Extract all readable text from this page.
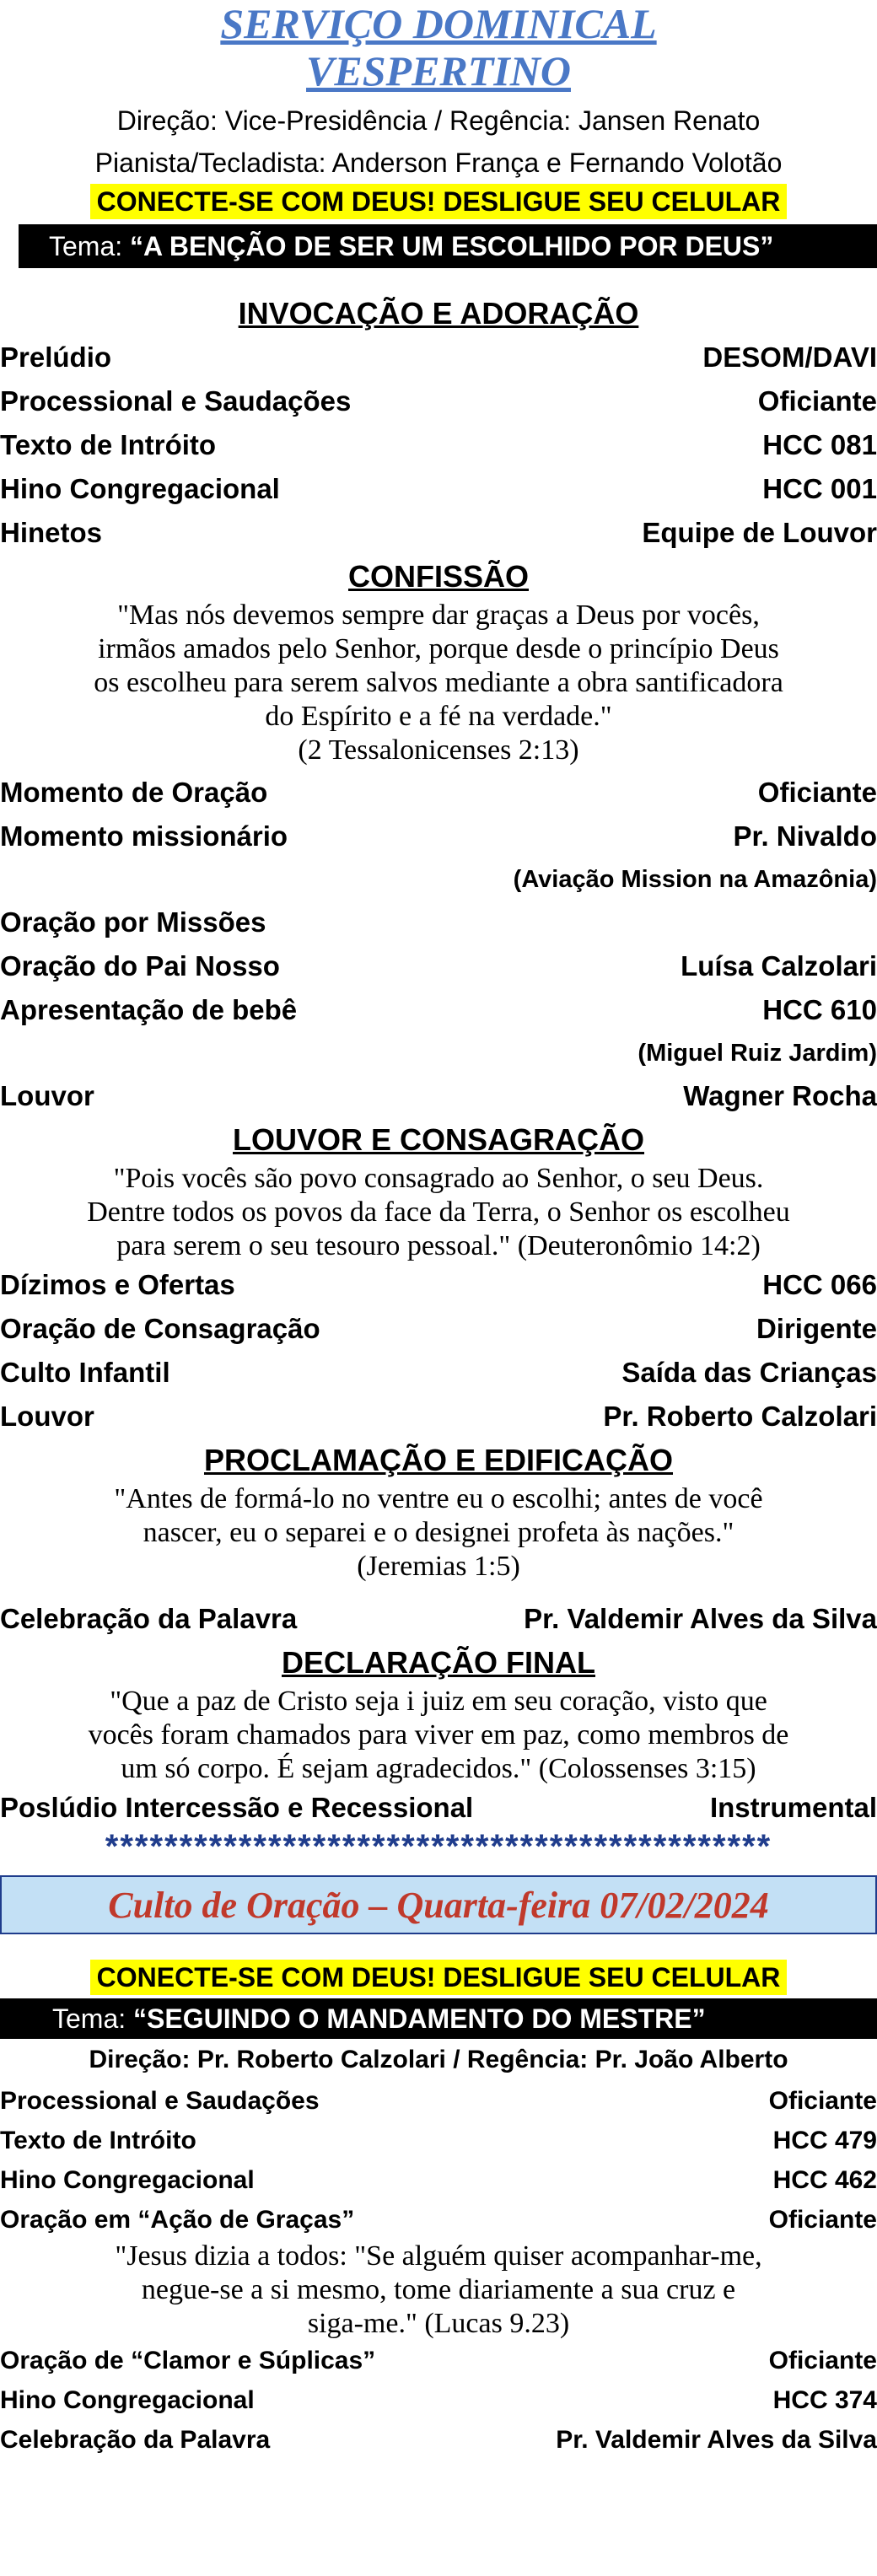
SERVIÇO DOMINICAL
VESPERTINO
Direção: Vice-Presidência / Regência: Jansen Renato
Pianista/Tecladista: Anderson França e Fernando Volotão
CONECTE-SE COM DEUS! DESLIGUE SEU CELULAR
Tema: “A BENÇÃO DE SER UM ESCOLHIDO POR DEUS”
INVOCAÇÃO E ADORAÇÃO
Prelúdio	DESOM/DAVI
Processional e Saudações	Oficiante
Texto de Intróito	HCC 081
Hino Congregacional	HCC 001
Hinetos	Equipe de Louvor
CONFISSÃO
"Mas nós devemos sempre dar graças a Deus por vocês,
irmãos amados pelo Senhor, porque desde o princípio Deus
os escolheu para serem salvos mediante a obra santificadora
do Espírito e a fé na verdade."
(2 Tessalonicenses 2:13)
Momento de Oração	Oficiante
Momento missionário	Pr. Nivaldo
(Aviação Mission na Amazônia)
Oração por Missões
Oração do Pai Nosso	Luísa Calzolari
Apresentação de bebê	HCC 610
(Miguel Ruiz Jardim)
Louvor	Wagner Rocha
LOUVOR E CONSAGRAÇÃO
"Pois vocês são povo consagrado ao Senhor, o seu Deus.
Dentre todos os povos da face da Terra, o Senhor os escolheu
para serem o seu tesouro pessoal." (Deuteronômio 14:2)
Dízimos e Ofertas	HCC 066
Oração de Consagração	Dirigente
Culto Infantil	Saída das Crianças
Louvor	Pr. Roberto Calzolari
PROCLAMAÇÃO E EDIFICAÇÃO
"Antes de formá-lo no ventre eu o escolhi; antes de você
nascer, eu o separei e o designei profeta às nações."
(Jeremias 1:5)
Celebração da Palavra	Pr. Valdemir Alves da Silva
DECLARAÇÃO FINAL
"Que a paz de Cristo seja i juiz em seu coração, visto que
vocês foram chamados para viver em paz, como membros de
um só corpo. É sejam agradecidos." (Colossenses 3:15)
Poslúdio Intercessão e Recessional	Instrumental
*********************************************
Culto de Oração – Quarta-feira 07/02/2024
CONECTE-SE COM DEUS! DESLIGUE SEU CELULAR
Tema: “SEGUINDO O MANDAMENTO DO MESTRE”
Direção: Pr. Roberto Calzolari / Regência: Pr. João Alberto
Processional e Saudações	Oficiante
Texto de Intróito	HCC 479
Hino Congregacional	HCC 462
Oração em “Ação de Graças”	Oficiante
"Jesus dizia a todos: "Se alguém quiser acompanhar-me,
negue-se a si mesmo, tome diariamente a sua cruz e
siga-me." (Lucas 9.23)
Oração de “Clamor e Súplicas”	Oficiante
Hino Congregacional	HCC 374
Celebração da Palavra	Pr. Valdemir Alves da Silva
